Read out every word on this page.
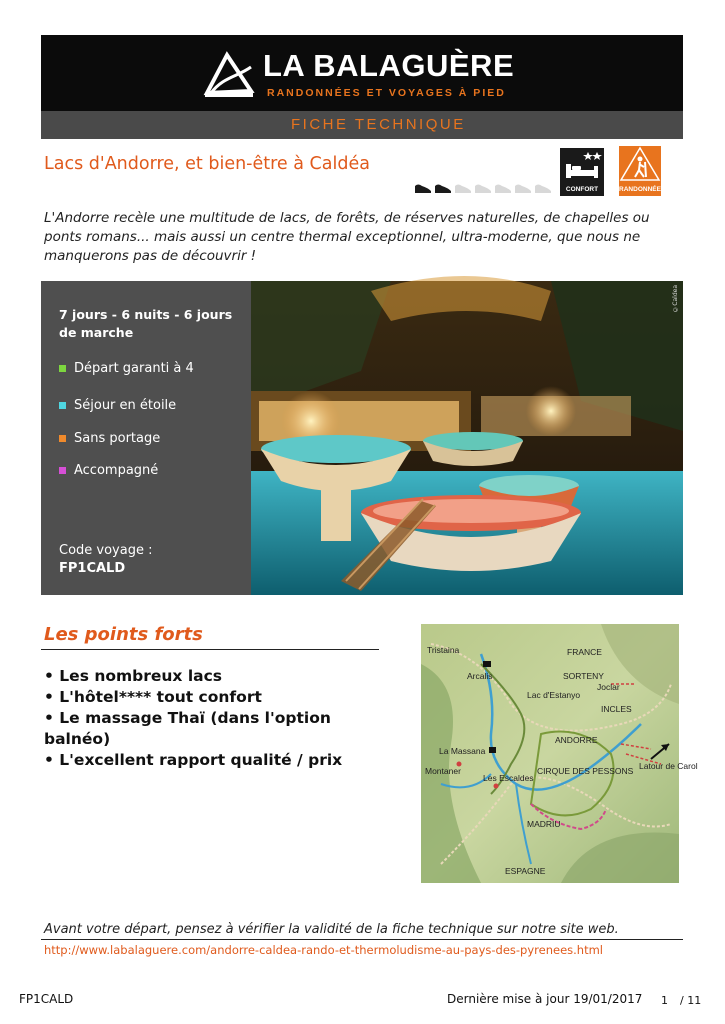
LA BALAGUÈRE
RANDONNÉES ET VOYAGES À PIED
FICHE TECHNIQUE
Lacs d'Andorre, et bien-être à Caldéa
CONFORT	RANDONNÉE

L'Andorre recèle une multitude de lacs, de forêts, de réserves naturelles, de chapelles ou ponts romans... mais aussi un centre thermal exceptionnel, ultra-moderne, que nous ne manquerons pas de découvrir !

7 jours - 6 nuits - 6 jours de marche
Départ garanti à 4
Séjour en étoile
Sans portage
Accompagné
Code voyage :
FP1CALD
©Caldea
Les points forts
• Les nombreux lacs
• L'hôtel**** tout confort
• Le massage Thaï (dans l'option balnéo)
• L'excellent rapport qualité / prix
Tristaina	FRANCE
Arcalis	SORTENY
Lac d'Estanyo
Joclar
INCLES
La Massana
ANDORRE
Montaner
Les Escaldes
CIRQUE DES PESSONS Latour de Carol
MADRIU
ESPAGNE
Avant votre départ, pensez à vérifier la validité de la fiche technique sur notre site web.
http://www.labalaguere.com/andorre-caldea-rando-et-thermoludisme-au-pays-des-pyrenees.html
FP1CALD	Dernière mise à jour 19/01/2017 1 / 11
